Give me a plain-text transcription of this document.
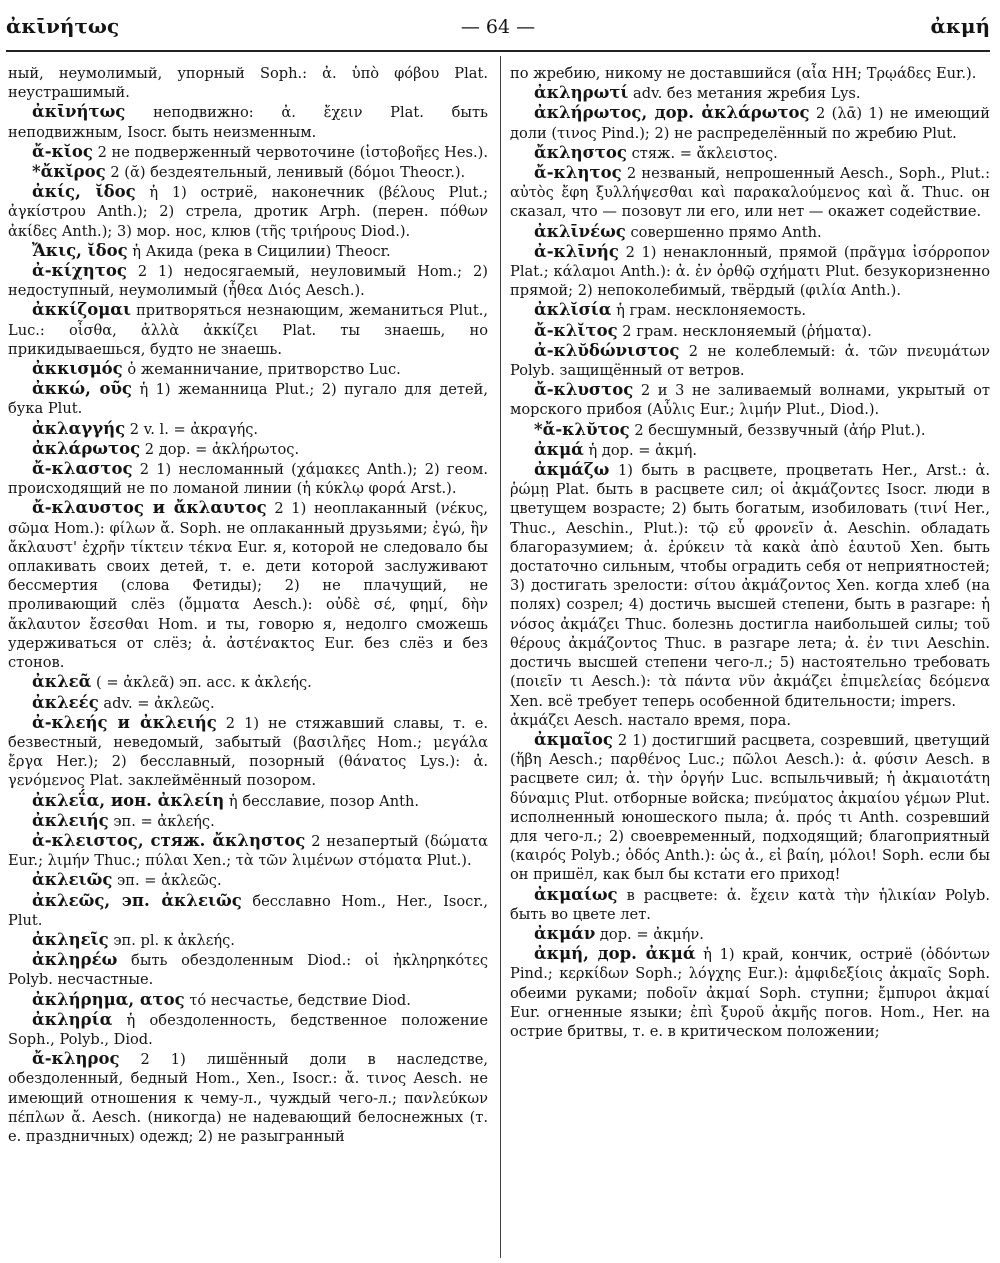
ἀκῑνήτως	— 64 —	ἀκμή

ный, неумолимый, упорный Soph.: ἀ. ὑπὸ φόβου Plat. неустрашимый.

ἀκῑνήτως неподвижно: ἀ. ἔχειν Plat. быть неподвижным, Isocr. быть неизменным.

ἄ-κῐος 2 не подверженный червоточине (ἰστοβοῆες Hes.).

*ἄκῐρος 2 (ᾰ) бездеятельный, ленивый (δόμοι Theocr.).

ἀκίς, ῐδος ἡ 1) остриё, наконечник (βέλους Plut.; ἀγκίστρου Anth.); 2) стрела, дротик Arph. (перен. πόθων ἀκίδες Anth.); 3) мор. нос, клюв (τῆς τριήρους Diod.).

Ἄκις, ῐδος ἡ Акида (река в Сицилии) Theocr.

ἀ-κίχητος 2 1) недосягаемый, неуловимый Hom.; 2) недоступный, неумолимый (ἦθεα Διός Aesch.).

ἀκκίζομαι притворяться незнающим, жеманиться Plut., Luc.: οἶσθα, ἀλλὰ ἀκκίζει Plat. ты знаешь, но прикидываешься, будто не знаешь.

ἀκκισμός ὁ жеманничание, притворство Luc.

ἀκκώ, οῦς ἡ 1) жеманница Plut.; 2) пугало для детей, бука Plut.

ἀκλαγγής 2 v. l. = ἀκραγής.

ἀκλάρωτος 2 дор. = ἀκλήρωτος.

ἄ-κλαστος 2 1) несломанный (χάμακες Anth.); 2) геом. происходящий не по ломаной линии (ἡ κύκλῳ φορά Arst.).

ἄ-κλαυστος и ἄκλαυτος 2 1) неоплаканный (νέκυς, σῶμα Hom.): φίλων ἄ. Soph. не оплаканный друзьями; ἐγώ, ἣν ἄκλαυστ' ἐχρῆν τίκτειν τέκνα Eur. я, которой не следовало бы оплакивать своих детей, т. е. дети которой заслуживают бессмертия (слова Фетиды); 2) не плачущий, не проливающий слёз (ὄμματα Aesch.): οὐδὲ σέ, φημί, δὴν ἄκλαυτον ἔσεσθαι Hom. и ты, говорю я, недолго сможешь удерживаться от слёз; ἀ. ἀστένακτος Eur. без слёз и без стонов.

ἀκλεᾶ ( = ἀκλεᾶ) эп. acc. к ἀκλεής.

ἀκλεές adv. = ἀκλεῶς.

ἀ-κλεής и ἀκλειής 2 1) не стяжавший славы, т. е. безвестный, неведомый, забытый (βασιλῆες Hom.; μεγάλα ἔργα Her.); 2) бесславный, позорный (θάνατος Lys.): ἀ. γενόμενος Plat. заклеймённый позором.

ἀκλεΐα, ион. ἀκλείη ἡ бесславие, позор Anth.

ἀκλειής эп. = ἀκλεής.

ἀ-κλειστος, стяж. ἄκληστος 2 незапертый (δώματα Eur.; λιμήν Thuc.; πύλαι Xen.; τὰ τῶν λιμένων στόματα Plut.).

ἀκλειῶς эп. = ἀκλεῶς.

ἀκλεῶς, эп. ἀκλειῶς бесславно Hom., Her., Isocr., Plut.

ἀκληεῖς эп. pl. к ἀκλεής.

ἀκληρέω быть обездоленным Diod.: οἱ ἠκληρηκότες Polyb. несчастные.

ἀκλήρημα, ατος τό несчастье, бедствие Diod.

ἀκληρία ἡ обездоленность, бедственное положение Soph., Polyb., Diod.

ἄ-κληρος 2 1) лишённый доли в наследстве, обездоленный, бедный Hom., Xen., Isocr.: ἄ. τινος Aesch. не имеющий отношения к чему-л., чуждый чего-л.; πανλεύκων πέπλων ἄ. Aesch. (никогда) не надевающий белоснежных (т. е. праздничных) одежд; 2) не разыгранный

по жребию, никому не доставшийся (αἶα НН; Τρῳάδες Eur.).

ἀκληρωτί adv. без метания жребия Lys.

ἀκλήρωτος, дор. ἀκλάρωτος 2 (λᾱ) 1) не имеющий доли (τινος Pind.); 2) не распределённый по жребию Plut.

ἄκληστος стяж. = ἄκλειστος.

ἄ-κλητος 2 незваный, непрошенный Aesch., Soph., Plut.: αὐτὸς ἔφη ξυλλήψεσθαι καὶ παρακαλούμενος καὶ ἄ. Thuc. он сказал, что — позовут ли его, или нет — окажет содействие.

ἀκλῑνέως совершенно прямо Anth.

ἀ-κλῑνής 2 1) ненаклонный, прямой (πρᾶγμα ἰσόρροπον Plat.; κάλαμοι Anth.): ἀ. ἐν ὀρθῷ σχήματι Plut. безукоризненно прямой; 2) непоколебимый, твёрдый (φιλία Anth.).

ἀκλῐσία ἡ грам. несклоняемость.

ἄ-κλῐτος 2 грам. несклоняемый (ῥήματα).

ἀ-κλῠδώνιστος 2 не колеблемый: ἀ. τῶν πνευμάτων Polyb. защищённый от ветров.

ἄ-κλυστος 2 и 3 не заливаемый волнами, укрытый от морского прибоя (Αὖλις Eur.; λιμήν Plut., Diod.).

*ἄ-κλῠτος 2 бесшумный, беззвучный (ἀήρ Plut.).

ἀκμά ἡ дор. = ἀκμή.

ἀκμάζω 1) быть в расцвете, процветать Her., Arst.: ἀ. ῥώμῃ Plat. быть в расцвете сил; οἱ ἀκμάζοντες Isocr. люди в цветущем возрасте; 2) быть богатым, изобиловать (τινί Her., Thuc., Aeschin., Plut.): τῷ εὖ φρονεῖν ἀ. Aeschin. обладать благоразумием; ἀ. ἐρύκειν τὰ κακὰ ἀπὸ ἑαυτοῦ Xen. быть достаточно сильным, чтобы оградить себя от неприятностей; 3) достигать зрелости: σίτου ἀκμάζοντος Xen. когда хлеб (на полях) созрел; 4) достичь высшей степени, быть в разгаре: ἡ νόσος ἀκμάζει Thuc. болезнь достигла наибольшей силы; τοῦ θέρους ἀκμάζοντος Thuc. в разгаре лета; ἀ. ἐν τινι Aeschin. достичь высшей степени чего-л.; 5) настоятельно требовать (ποιεῖν τι Aesch.): τὰ πάντα νῦν ἀκμάζει ἐπιμελείας δεόμενα Xen. всё требует теперь особенной бдительности; impers.

ἀκμάζει Aesch. настало время, пора.

ἀκμαῖος 2 1) достигший расцвета, созревший, цветущий (ἥβη Aesch.; παρθένος Luc.; πῶλοι Aesch.): ἀ. φύσιν Aesch. в расцвете сил; ἀ. τὴν ὀργήν Luc. вспыльчивый; ἡ ἀκμαιοτάτη δύναμις Plut. отборные войска; πνεύματος ἀκμαίου γέμων Plut. исполненный юношеского пыла; ἀ. πρός τι Anth. созревший для чего-л.; 2) своевременный, подходящий; благоприятный (καιρός Polyb.; ὁδός Anth.): ὡς ἀ., εἰ βαίη, μόλοι! Soph. если бы он пришёл, как был бы кстати его приход!

ἀκμαίως в расцвете: ἀ. ἔχειν κατὰ τὴν ἡλικίαν Polyb. быть во цвете лет.

ἀκμάν дор. = ἀκμήν.

ἀκμή, дор. ἀκμά ἡ 1) край, кончик, остриё (ὀδόντων Pind.; κερκίδων Soph.; λόγχης Eur.): ἀμφιδεξίοις ἀκμαῖς Soph. обеими руками; ποδοῖν ἀκμαί Soph. ступни; ἔμπυροι ἀκμαί Eur. огненные языки; ἐπὶ ξυροῦ ἀκμῆς погов. Hom., Her. на острие бритвы, т. е. в критическом положении;
